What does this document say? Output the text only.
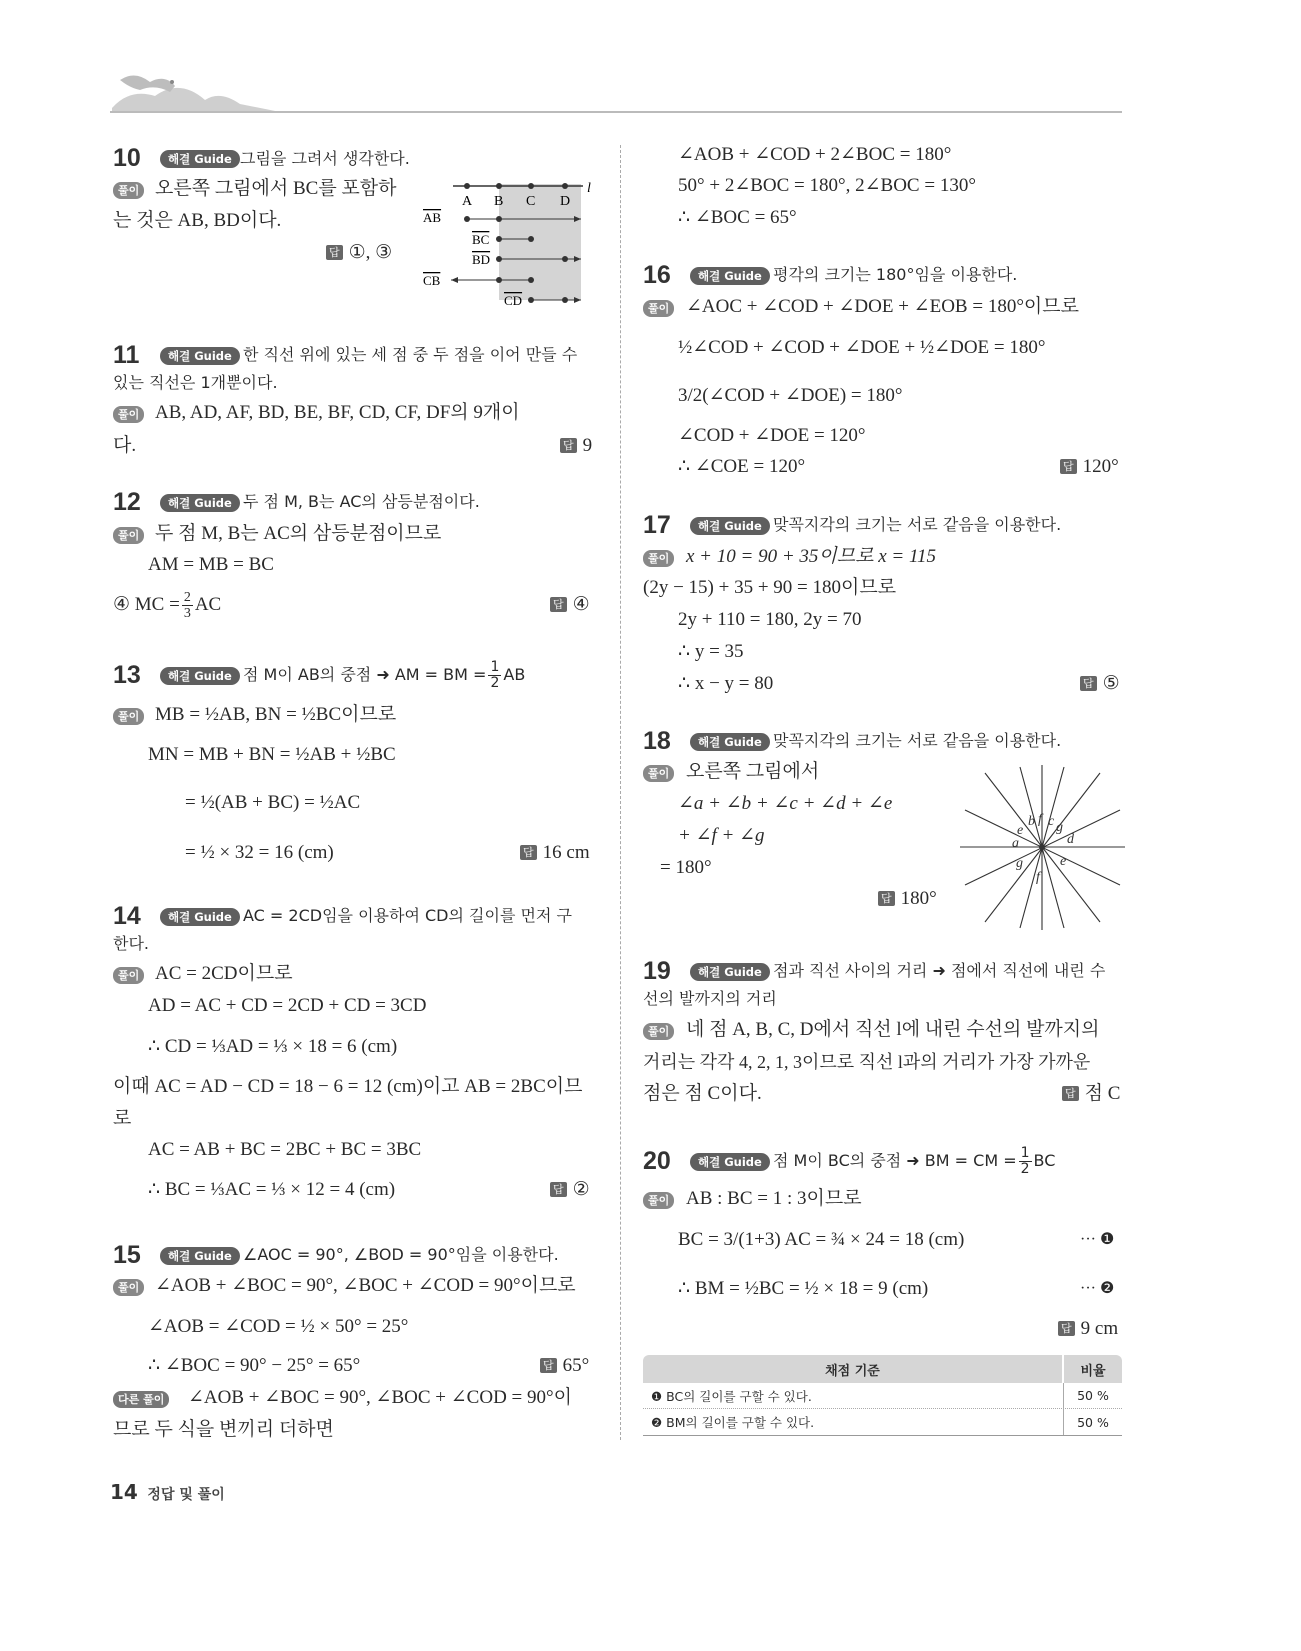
10	해결 Guide 그림을 그려서 생각한다.
풀이 오른쪽 그림에서 BC를 포함하
는 것은 AB, BD이다.
답 ①, ③
A B C D
l
AB
BC
BD
CB
CD
11	해결 Guide 한 직선 위에 있는 세 점 중 두 점을 이어 만들 수
있는 직선은 1개뿐이다.
풀이 AB, AD, AF, BD, BE, BF, CD, CF, DF의 9개이
다.	답 9
12	해결 Guide 두 점 M, B는 AC의 삼등분점이다.
풀이 두 점 M, B는 AC의 삼등분점이므로
AM = MB = BC
④ MC = $\frac{2}{3}$ AC	답 ④
13	해결 Guide 점 M이 AB의 중점 ➜ AM = BM = $\frac{1}{2}$ AB
풀이 MB = ½AB, BN = ½BC이므로
MN = MB + BN = ½AB + ½BC
= ½(AB + BC) = ½AC
= ½ × 32 = 16 (cm)	답 16 cm
14	해결 Guide AC = 2CD임을 이용하여 CD의 길이를 먼저 구
한다.
풀이 AC = 2CD이므로
AD = AC + CD = 2CD + CD = 3CD
∴ CD = ⅓AD = ⅓ × 18 = 6 (cm)
이때 AC = AD − CD = 18 − 6 = 12 (cm)이고 AB = 2BC이므
로
AC = AB + BC = 2BC + BC = 3BC
∴ BC = ⅓AC = ⅓ × 12 = 4 (cm)	답 ②
15	해결 Guide ∠AOC = 90°, ∠BOD = 90°임을 이용한다.
풀이 ∠AOB + ∠BOC = 90°, ∠BOC + ∠COD = 90°이므로
∠AOB = ∠COD = ½ × 50° = 25°
∴ ∠BOC = 90° − 25° = 65°	답 65°
다른 풀이 ∠AOB + ∠BOC = 90°, ∠BOC + ∠COD = 90°이
므로 두 식을 변끼리 더하면
∠AOB + ∠COD + 2∠BOC = 180°
50° + 2∠BOC = 180°, 2∠BOC = 130°
∴ ∠BOC = 65°
16	해결 Guide 평각의 크기는 180°임을 이용한다.
풀이 ∠AOC + ∠COD + ∠DOE + ∠EOB = 180°이므로
½∠COD + ∠COD + ∠DOE + ½∠DOE = 180°
3/2(∠COD + ∠DOE) = 180°
∠COD + ∠DOE = 120°
∴ ∠COE = 120°	답 120°
17	해결 Guide 맞꼭지각의 크기는 서로 같음을 이용한다.
풀이 x + 10 = 90 + 35이므로 x = 115
(2y − 15) + 35 + 90 = 180이므로
2y + 110 = 180, 2y = 70
∴ y = 35
∴ x − y = 80	답 ⑤
18	해결 Guide 맞꼭지각의 크기는 서로 같음을 이용한다.
풀이 오른쪽 그림에서
∠a + ∠b + ∠c + ∠d + ∠e
+ ∠f + ∠g
= 180°
답 180°
a
b c
d
e
f
g
e
f
g
19	해결 Guide 점과 직선 사이의 거리 ➜ 점에서 직선에 내린 수
선의 발까지의 거리
풀이 네 점 A, B, C, D에서 직선 l에 내린 수선의 발까지의
거리는 각각 4, 2, 1, 3이므로 직선 l과의 거리가 가장 가까운
점은 점 C이다.	답 점 C
20	해결 Guide 점 M이 BC의 중점 ➜ BM = CM = $\frac{1}{2}$ BC
풀이 AB : BC = 1 : 3이므로
BC = 3/(1+3) AC = ¾ × 24 = 18 (cm)	··· ❶
∴ BM = ½BC = ½ × 18 = 9 (cm)	··· ❷
답 9 cm
채점 기준	비율
❶ BC의 길이를 구할 수 있다.	50 %
❷ BM의 길이를 구할 수 있다.	50 %
14 정답 및 풀이
